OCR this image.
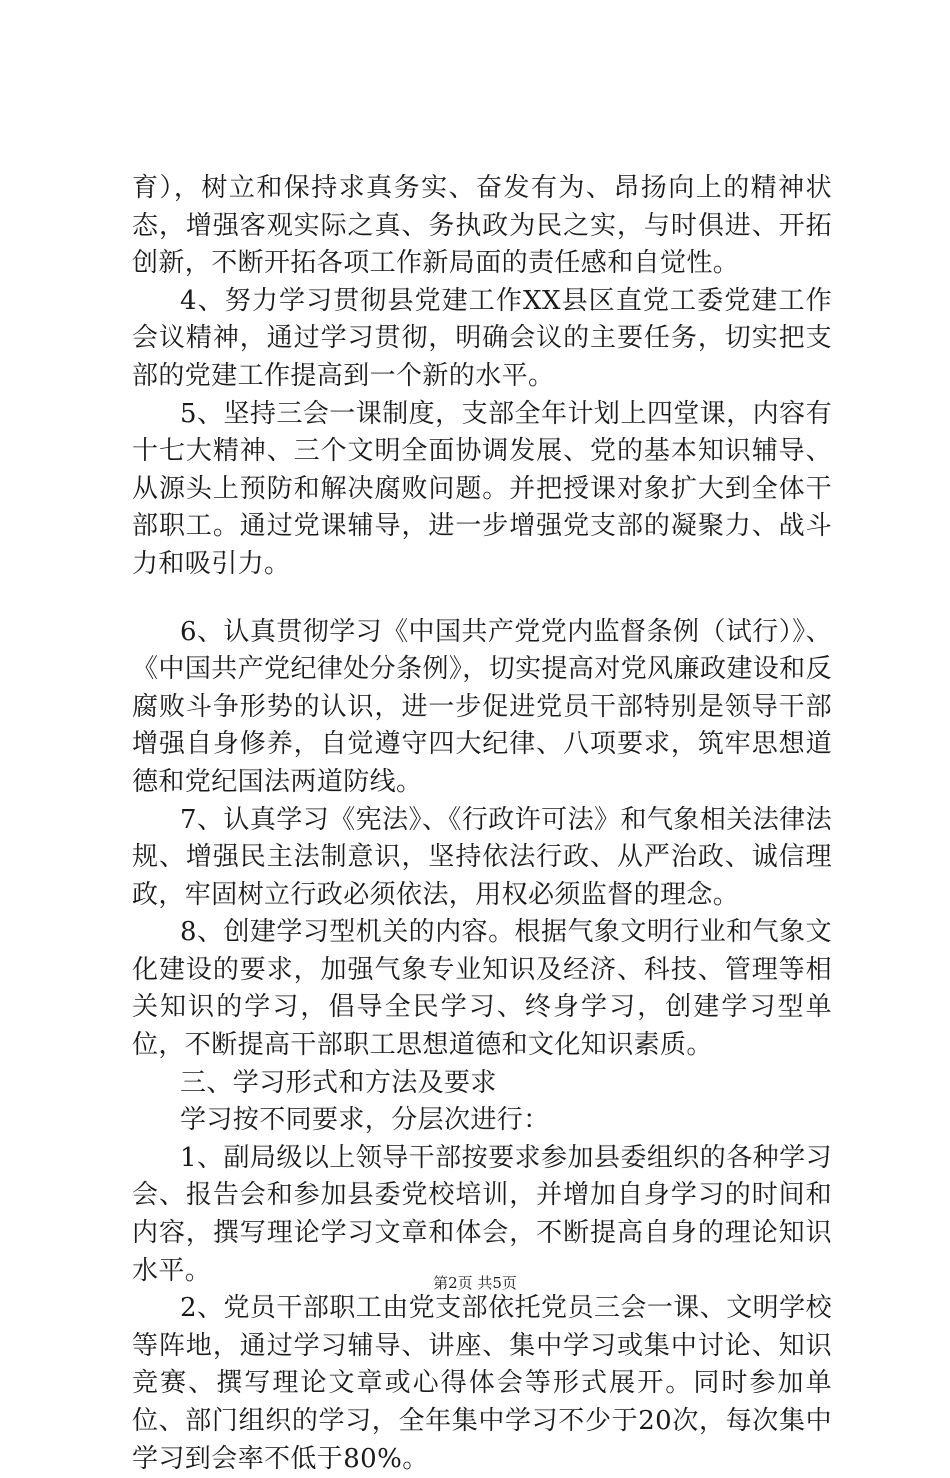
育），树立和保持求真务实、奋发有为、昂扬向上的精神状态，增强客观实际之真、务执政为民之实，与时俱进、开拓创新，不断开拓各项工作新局面的责任感和自觉性。

4、努力学习贯彻县党建工作XX县区直党工委党建工作会议精神，通过学习贯彻，明确会议的主要任务，切实把支部的党建工作提高到一个新的水平。

5、坚持三会一课制度，支部全年计划上四堂课，内容有十七大精神、三个文明全面协调发展、党的基本知识辅导、从源头上预防和解决腐败问题。并把授课对象扩大到全体干部职工。通过党课辅导，进一步增强党支部的凝聚力、战斗力和吸引力。

6、认真贯彻学习《中国共产党党内监督条例（试行）》、《中国共产党纪律处分条例》，切实提高对党风廉政建设和反腐败斗争形势的认识，进一步促进党员干部特别是领导干部增强自身修养，自觉遵守四大纪律、八项要求，筑牢思想道德和党纪国法两道防线。

7、认真学习《宪法》、《行政许可法》和气象相关法律法规、增强民主法制意识，坚持依法行政、从严治政、诚信理政，牢固树立行政必须依法，用权必须监督的理念。

8、创建学习型机关的内容。根据气象文明行业和气象文化建设的要求，加强气象专业知识及经济、科技、管理等相关知识的学习，倡导全民学习、终身学习，创建学习型单位，不断提高干部职工思想道德和文化知识素质。

三、学习形式和方法及要求

学习按不同要求，分层次进行：

1、副局级以上领导干部按要求参加县委组织的各种学习会、报告会和参加县委党校培训，并增加自身学习的时间和内容，撰写理论学习文章和体会，不断提高自身的理论知识水平。

2、党员干部职工由党支部依托党员三会一课、文明学校等阵地，通过学习辅导、讲座、集中学习或集中讨论、知识竞赛、撰写理论文章或心得体会等形式展开。同时参加单位、部门组织的学习，全年集中学习不少于20次，每次集中学习到会率不低于80%。

第2页 共5页
